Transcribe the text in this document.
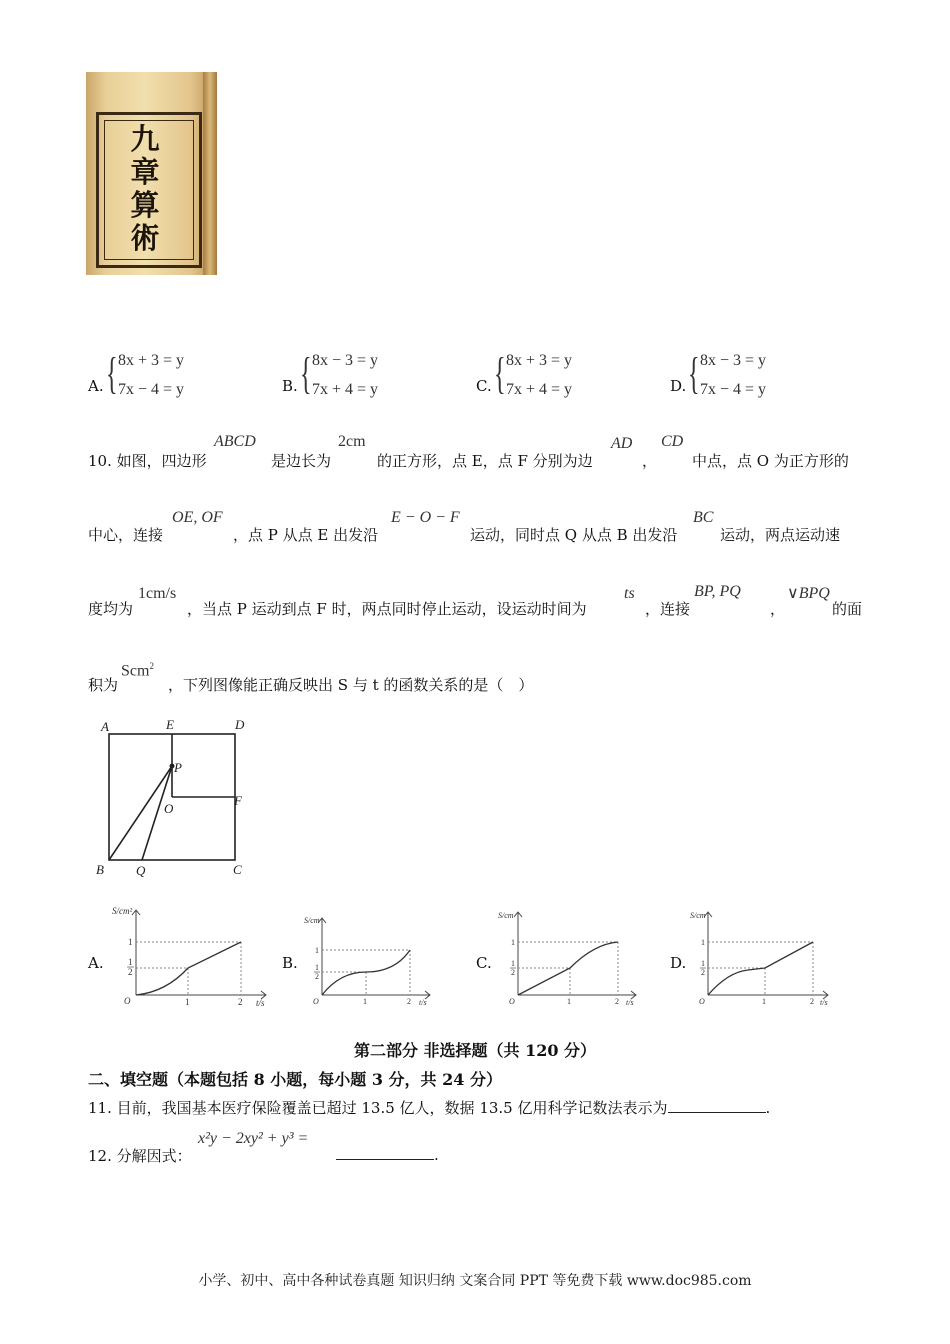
九
章
算
術
A. { 8x + 3 = y
7x − 4 = y	B. { 8x − 3 = y
7x + 4 = y	C. { 8x + 3 = y
7x + 4 = y	D. { 8x − 3 = y
7x − 4 = y
10. 如图，四边形
ABCD
是边长为
2cm
的正方形，点 E，点 F 分别为边
AD
，
CD
中点，点 O 为正方形的
中心，连接
OE, OF
，点 P 从点 E 出发沿
E − O − F
运动，同时点 Q 从点 B 出发沿
BC
运动，两点运动速
度均为
1cm/s
，当点 P 运动到点 F 时，两点同时停止运动，设运动时间为
ts
，连接
BP, PQ
，
∨BPQ
的面
积为
Scm$^2$
，下列图像能正确反映出 S 与 t 的函数关系的是（　）
A	E	D
P
O
F
B Q	C
A.	B.	C.	D.
S/cm²
1
1
2
O	1	2 t/s
S/cm
1
1
2
O	1	2 t/s
S/cm
1
1
2
O	1	2 t/s
S/cm
1
1
2
O	1	2 t/s
第二部分 非选择题（共 120 分）
二、填空题（本题包括 8 小题，每小题 3 分，共 24 分）
11. 目前，我国基本医疗保险覆盖已超过 13.5 亿人，数据 13.5 亿用科学记数法表示为	.
12. 分解因式：
x²y − 2xy² + y³ =
.
小学、初中、高中各种试卷真题 知识归纳 文案合同 PPT 等免费下载 www.doc985.com
